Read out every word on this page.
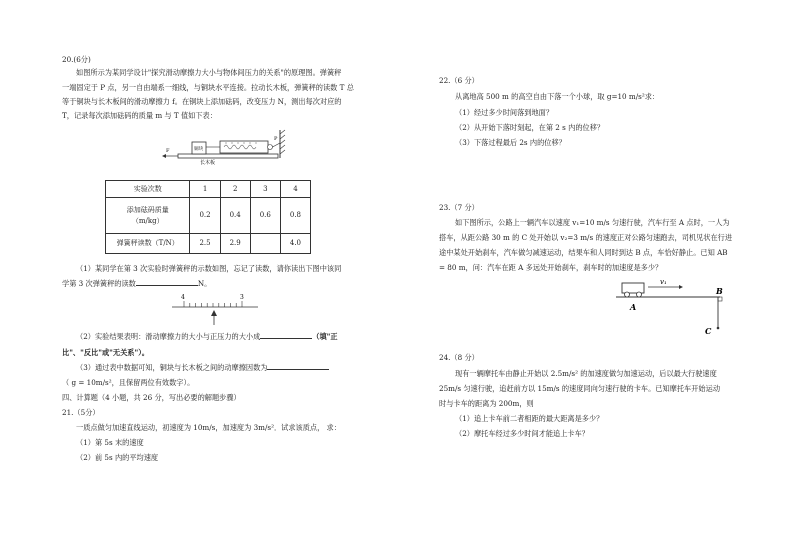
20.(6分)
如图所示为某同学设计"探究滑动摩擦力大小与物体间压力的关系"的原理图。弹簧秤
一端固定于 P 点，另一自由端系一细线，与铜块水平连接。拉动长木板，弹簧秤的读数 T 总
等于铜块与长木板间的滑动摩擦力 f。在铜块上添加砝码，改变压力 N，测出每次对应的
T，记录每次添加砝码的质量 m 与 T 值如下表：
长木板
铜块
P
F
实验次数	1	2	3	4

添加砝码质量
（m/kg）	0.2	0.4	0.6	0.8
弹簧秤读数（T/N）	2.5	2.9		4.0
（1）某同学在第 3 次实验时弹簧秤的示数如图，忘记了读数，请你读出下图中该同
学第 3 次弹簧秤的读数	N。
4	3
（2）实验结果表明：滑动摩擦力的大小与正压力的大小成	（填"正
比"、"反比"或"无关系"）。
（3）通过表中数据可知，铜块与长木板之间的动摩擦因数为
（ g = 10m/s²，且保留两位有效数字）。
四、计算题（4 小题，共 26 分，写出必要的解题步骤）
21.（5分）
一质点做匀加速直线运动，初速度为 10m/s，加速度为 3m/s²．试求该质点， 求：
（1）第 5s 末的速度
（2）前 5s 内的平均速度
22.（6 分）
从离地高 500 m 的高空自由下落一个小球，取 g=10 m/s²求：
（1）经过多少时间落到地面？
（2）从开始下落时刻起，在第 2 s 内的位移？
（3）下落过程最后 2s 内的位移？
23.（7 分）
如下图所示，公路上一辆汽车以速度 v₁=10 m/s 匀速行驶，汽车行至 A 点时，一人为
搭车，从距公路 30 m 的 C 处开始以 v₂=3 m/s 的速度正对公路匀速跑去，司机见状在行进
途中某处开始刹车，汽车做匀减速运动，结果车和人同时到达 B 点，车恰好静止。已知 AB
= 80 m，问：汽车在距 A 多远处开始刹车，刹车时的加速度是多少？
v₁
A
B
C
24.（8 分）
现有一辆摩托车由静止开始以 2.5m/s² 的加速度做匀加速运动，后以最大行驶速度
25m/s 匀速行驶，追赶前方以 15m/s 的速度同向匀速行驶的卡车。已知摩托车开始运动
时与卡车的距离为 200m，则
（1）追上卡车前二者相距的最大距离是多少？
（2）摩托车经过多少时间才能追上卡车？
